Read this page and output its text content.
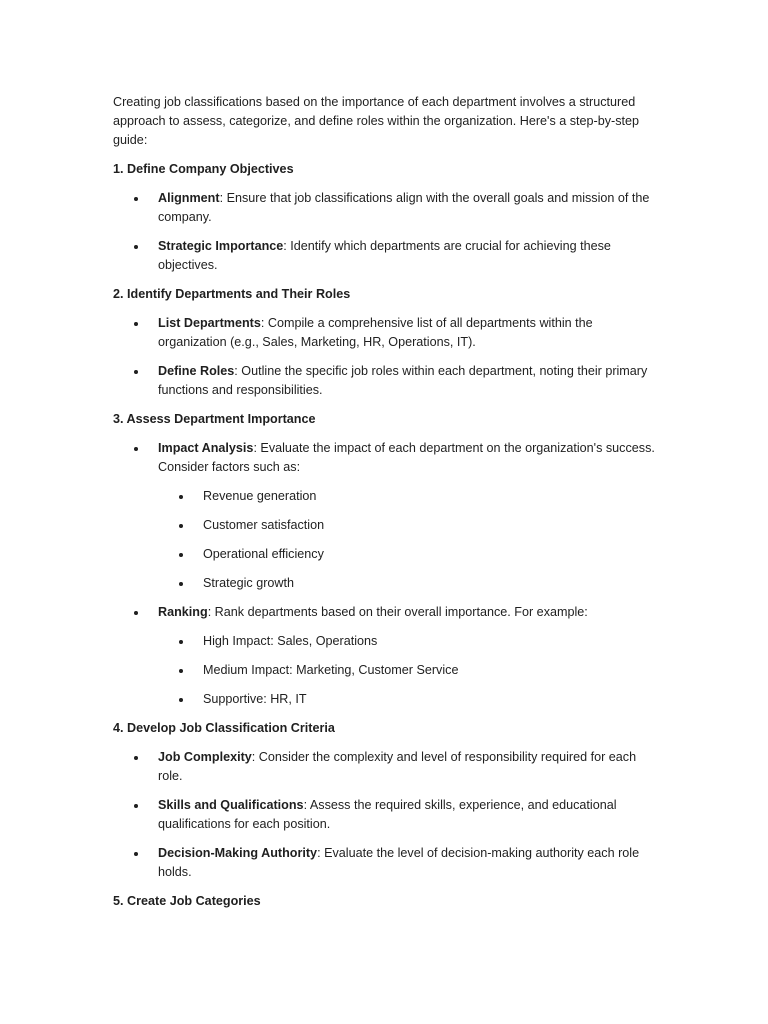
Creating job classifications based on the importance of each department involves a structured approach to assess, categorize, and define roles within the organization. Here's a step-by-step guide:

1. Define Company Objectives

Alignment: Ensure that job classifications align with the overall goals and mission of the company.
Strategic Importance: Identify which departments are crucial for achieving these objectives.

2. Identify Departments and Their Roles

List Departments: Compile a comprehensive list of all departments within the organization (e.g., Sales, Marketing, HR, Operations, IT).
Define Roles: Outline the specific job roles within each department, noting their primary functions and responsibilities.

3. Assess Department Importance

Impact Analysis: Evaluate the impact of each department on the organization's success. Consider factors such as:
Revenue generation
Customer satisfaction
Operational efficiency
Strategic growth
Ranking: Rank departments based on their overall importance. For example:
High Impact: Sales, Operations
Medium Impact: Marketing, Customer Service
Supportive: HR, IT

4. Develop Job Classification Criteria

Job Complexity: Consider the complexity and level of responsibility required for each role.
Skills and Qualifications: Assess the required skills, experience, and educational qualifications for each position.
Decision-Making Authority: Evaluate the level of decision-making authority each role holds.

5. Create Job Categories
